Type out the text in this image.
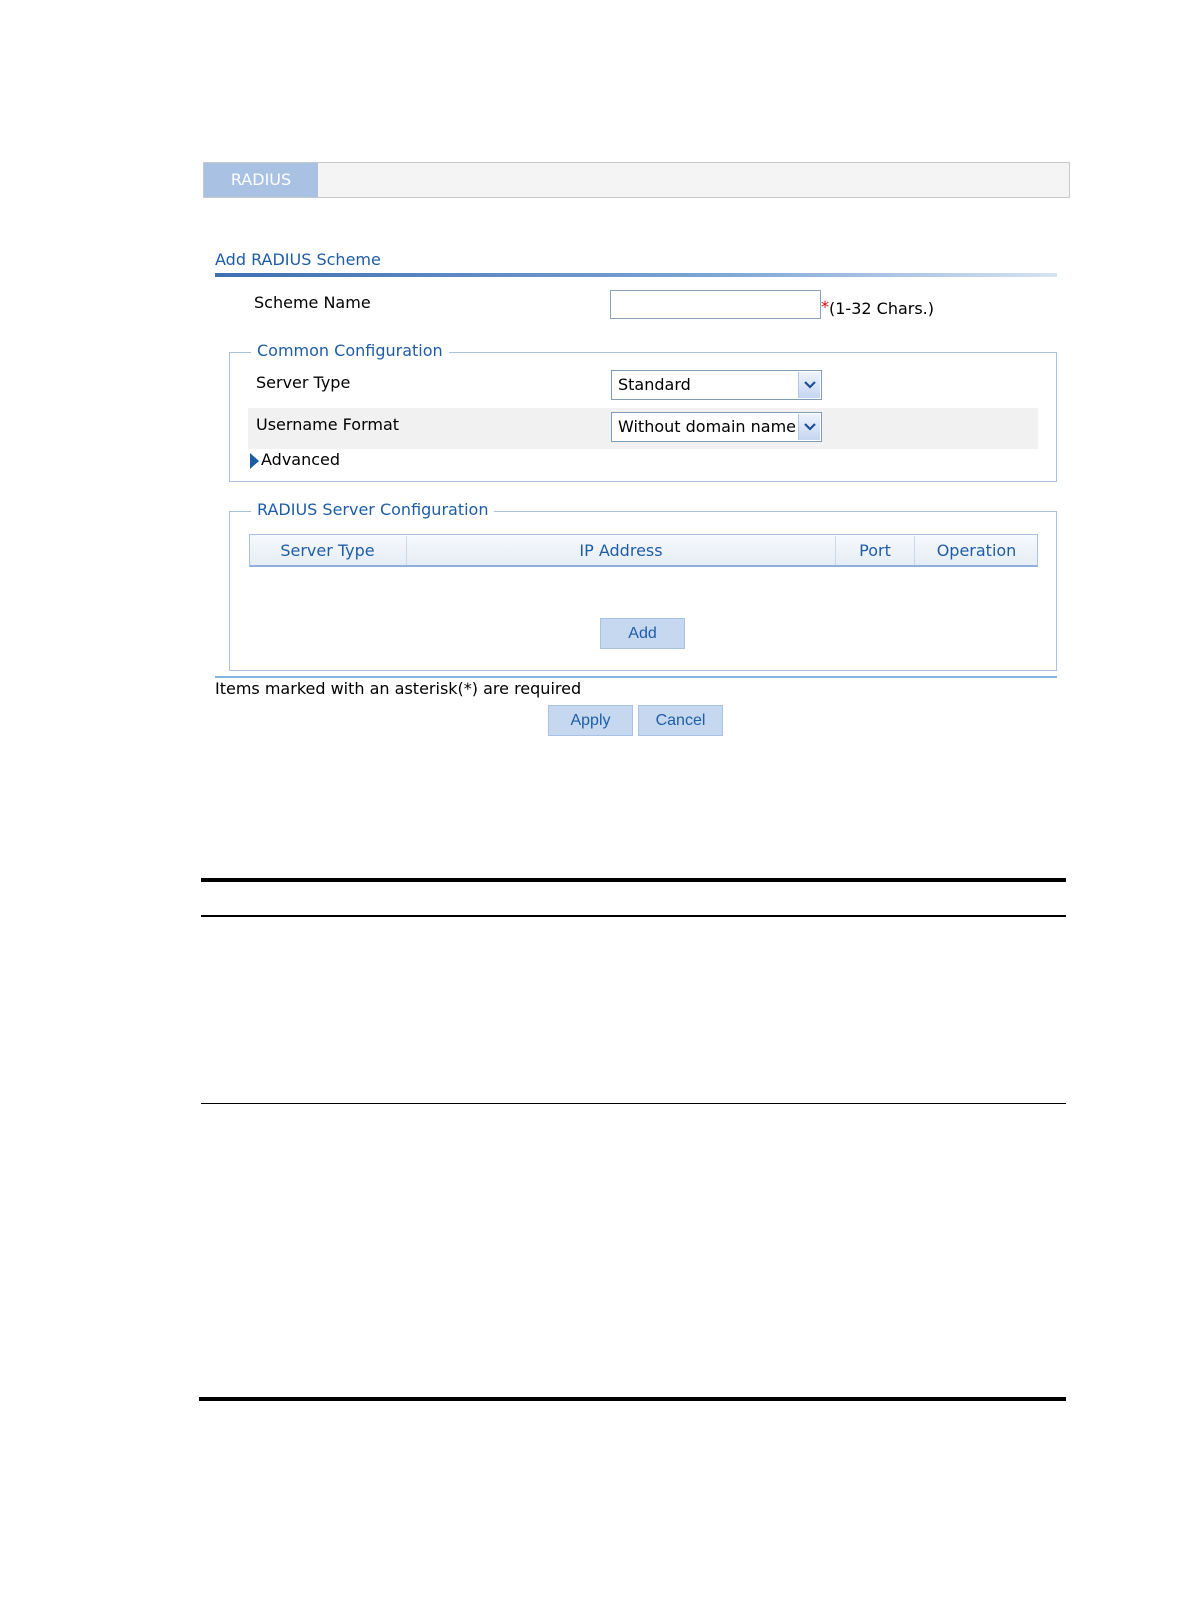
RADIUS
Add RADIUS Scheme
Scheme Name	* (1-32 Chars.)
Common Configuration
Server Type	Standard
Username Format	Without domain name
Advanced
RADIUS Server Configuration
Server Type	IP Address	Port	Operation
Add
Items marked with an asterisk(*) are required
Apply	Cancel
